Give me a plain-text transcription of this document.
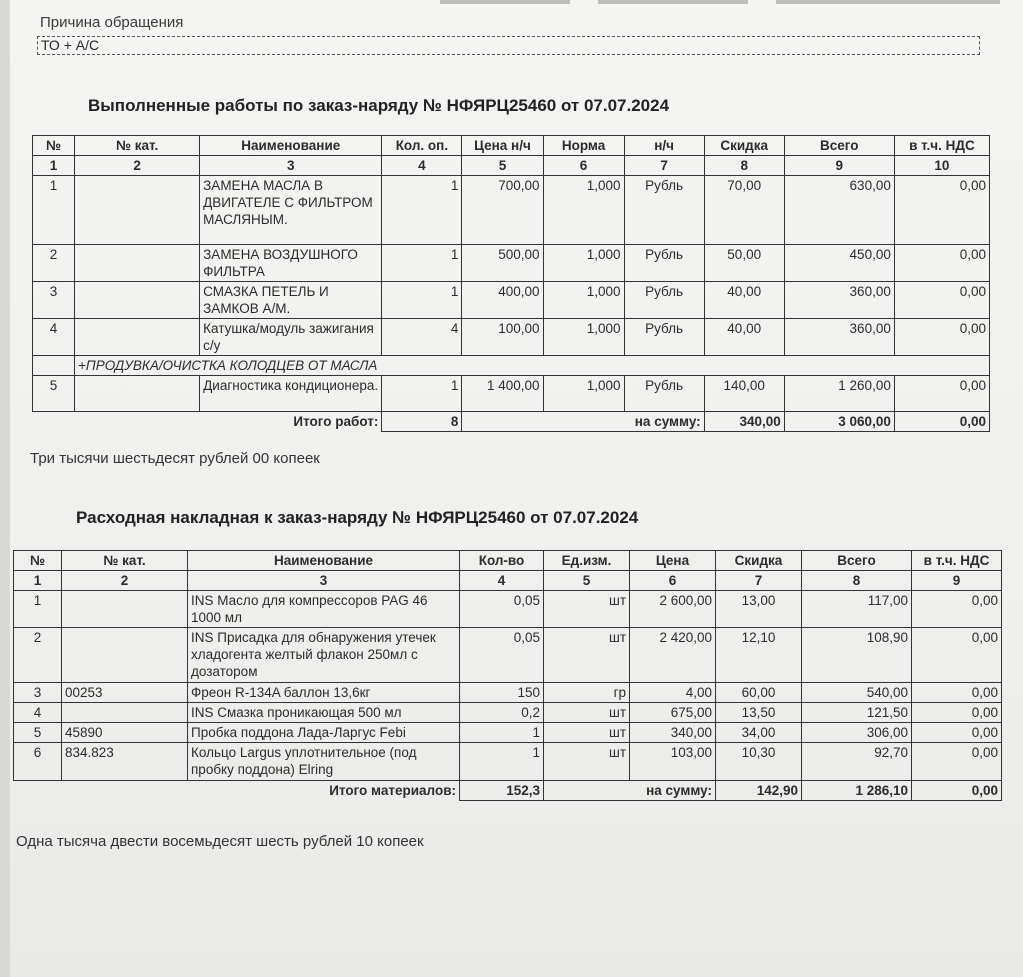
Причина обращения
ТО + А/С
Выполненные работы по заказ-наряду № НФЯРЦ25460 от 07.07.2024
№	№ кат.	Наименование	Кол. оп.	Цена н/ч	Норма	н/ч	Скидка	Всего	в т.ч. НДС
1	2	3	4	5	6	7	8	9	10
1		ЗАМЕНА МАСЛА В ДВИГАТЕЛЕ С ФИЛЬТРОМ МАСЛЯНЫМ.	1	700,00	1,000	Рубль	70,00	630,00	0,00
2		ЗАМЕНА ВОЗДУШНОГО ФИЛЬТРА	1	500,00	1,000	Рубль	50,00	450,00	0,00
3		СМАЗКА ПЕТЕЛЬ И ЗАМКОВ А/М.	1	400,00	1,000	Рубль	40,00	360,00	0,00
4		Катушка/модуль зажигания с/у	4	100,00	1,000	Рубль	40,00	360,00	0,00
	+ПРОДУВКА/ОЧИСТКА КОЛОДЦЕВ ОТ МАСЛА								
5		Диагностика кондиционера.	1	1 400,00	1,000	Рубль	140,00	1 260,00	0,00
Итого работ:			8	на сумму:			340,00	3 060,00	0,00
Три тысячи шестьдесят рублей 00 копеек
Расходная накладная к заказ-наряду № НФЯРЦ25460 от 07.07.2024
№	№ кат.	Наименование	Кол-во	Ед.изм.	Цена	Скидка	Всего	в т.ч. НДС
1	2	3	4	5	6	7	8	9
1		INS Масло для компрессоров PAG 46 1000 мл	0,05	шт	2 600,00	13,00	117,00	0,00
2		INS Присадка для обнаружения утечек хладогента желтый флакон 250мл с дозатором	0,05	шт	2 420,00	12,10	108,90	0,00
3	00253	Фреон R-134A баллон 13,6кг	150	гр	4,00	60,00	540,00	0,00
4		INS Смазка проникающая 500 мл	0,2	шт	675,00	13,50	121,50	0,00
5	45890	Пробка поддона Лада-Ларгус Febi	1	шт	340,00	34,00	306,00	0,00
6	834.823	Кольцо Largus уплотнительное (под пробку поддона) Elring	1	шт	103,00	10,30	92,70	0,00
Итого материалов:			152,3	на сумму:		142,90	1 286,10	0,00
Одна тысяча двести восемьдесят шесть рублей 10 копеек
